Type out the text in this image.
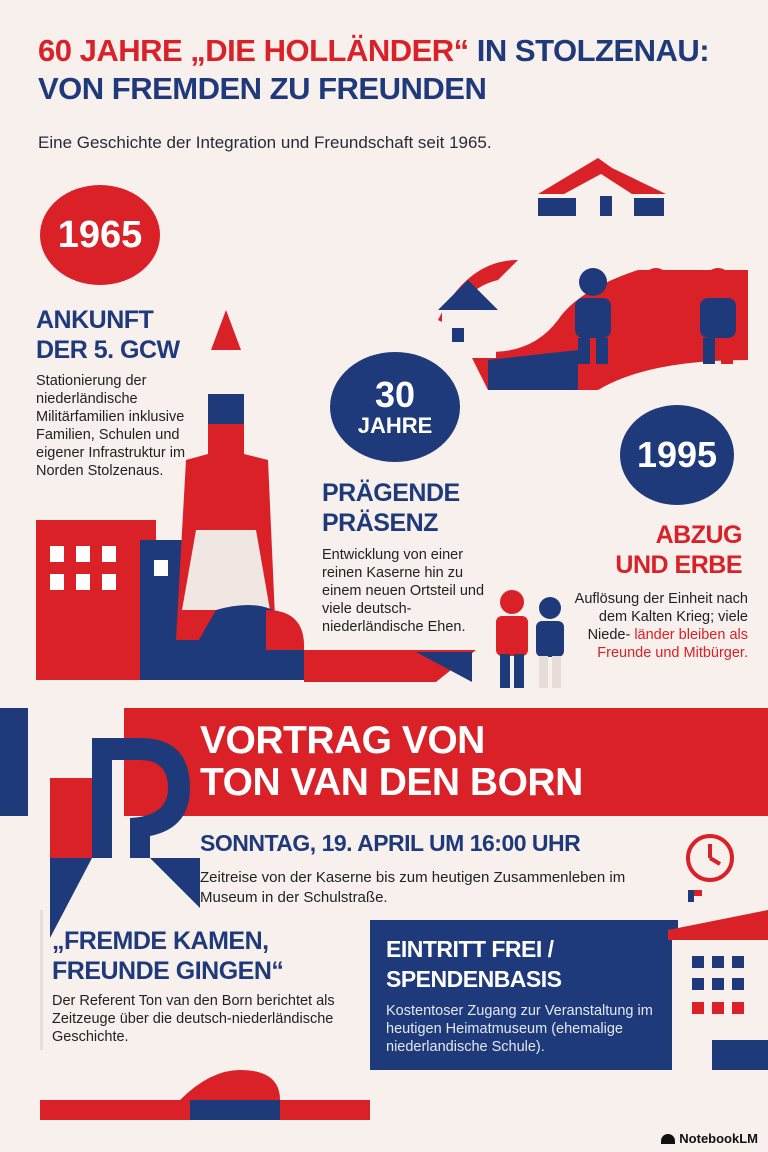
60 JAHRE „DIE HOLLÄNDER“ IN STOLZENAU:
VON FREMDEN ZU FREUNDEN
Eine Geschichte der Integration und Freundschaft seit 1965.
1965
ANKUNFT DER 5. GCW
Stationierung der niederländische Militärfamilien inklusive Familien, Schulen und eigener Infrastruktur im Norden Stolzenaus.
30
JAHRE
PRÄGENDE PRÄSENZ
Entwicklung von einer reinen Kaserne hin zu einem neuen Ortsteil und viele deutsch-niederländische Ehen.
1995
ABZUG UND ERBE
Auflösung der Einheit nach dem Kalten Krieg; viele Niede- länder bleiben als Freunde und Mitbürger.
VORTRAG VON
TON VAN DEN BORN
SONNTAG, 19. APRIL UM 16:00 UHR
Zeitreise von der Kaserne bis zum heutigen Zusammenleben im Museum in der Schulstraße.
„FREMDE KAMEN, FREUNDE GINGEN“
Der Referent Ton van den Born berichtet als Zeitzeuge über die deutsch-niederländische Geschichte.
EINTRITT FREI / SPENDENBASIS
Kostentoser Zugang zur Veranstaltung im heutigen Heimatmuseum (ehemalige niederlandische Schule).
NotebookLM
